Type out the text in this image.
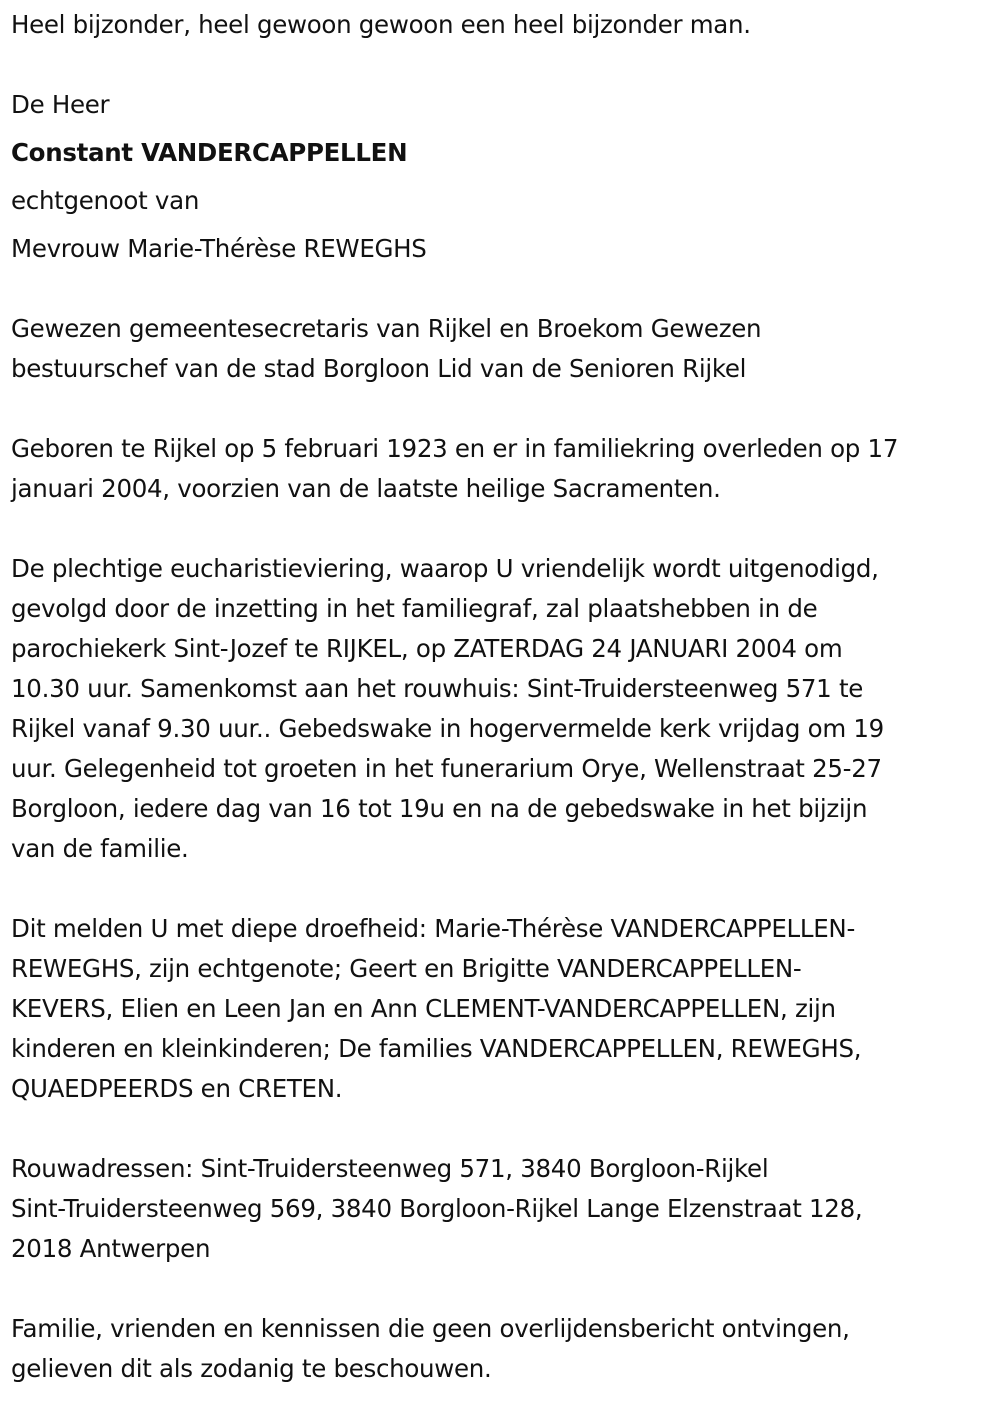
Heel bijzonder, heel gewoon gewoon een heel bijzonder man.
De Heer
Constant VANDERCAPPELLEN
echtgenoot van
Mevrouw Marie-Thérèse REWEGHS
Gewezen gemeentesecretaris van Rijkel en Broekom Gewezen
bestuurschef van de stad Borgloon Lid van de Senioren Rijkel
Geboren te Rijkel op 5 februari 1923 en er in familiekring overleden op 17
januari 2004, voorzien van de laatste heilige Sacramenten.
De plechtige eucharistieviering, waarop U vriendelijk wordt uitgenodigd,
gevolgd door de inzetting in het familiegraf, zal plaatshebben in de
parochiekerk Sint-Jozef te RIJKEL, op ZATERDAG 24 JANUARI 2004 om
10.30 uur. Samenkomst aan het rouwhuis: Sint-Truidersteenweg 571 te
Rijkel vanaf 9.30 uur.. Gebedswake in hogervermelde kerk vrijdag om 19
uur. Gelegenheid tot groeten in het funerarium Orye, Wellenstraat 25-27
Borgloon, iedere dag van 16 tot 19u en na de gebedswake in het bijzijn
van de familie.
Dit melden U met diepe droefheid: Marie-Thérèse VANDERCAPPELLEN-
REWEGHS, zijn echtgenote; Geert en Brigitte VANDERCAPPELLEN-
KEVERS, Elien en Leen Jan en Ann CLEMENT-VANDERCAPPELLEN, zijn
kinderen en kleinkinderen; De families VANDERCAPPELLEN, REWEGHS,
QUAEDPEERDS en CRETEN.
Rouwadressen: Sint-Truidersteenweg 571, 3840 Borgloon-Rijkel
Sint-Truidersteenweg 569, 3840 Borgloon-Rijkel Lange Elzenstraat 128,
2018 Antwerpen
Familie, vrienden en kennissen die geen overlijdensbericht ontvingen,
gelieven dit als zodanig te beschouwen.
